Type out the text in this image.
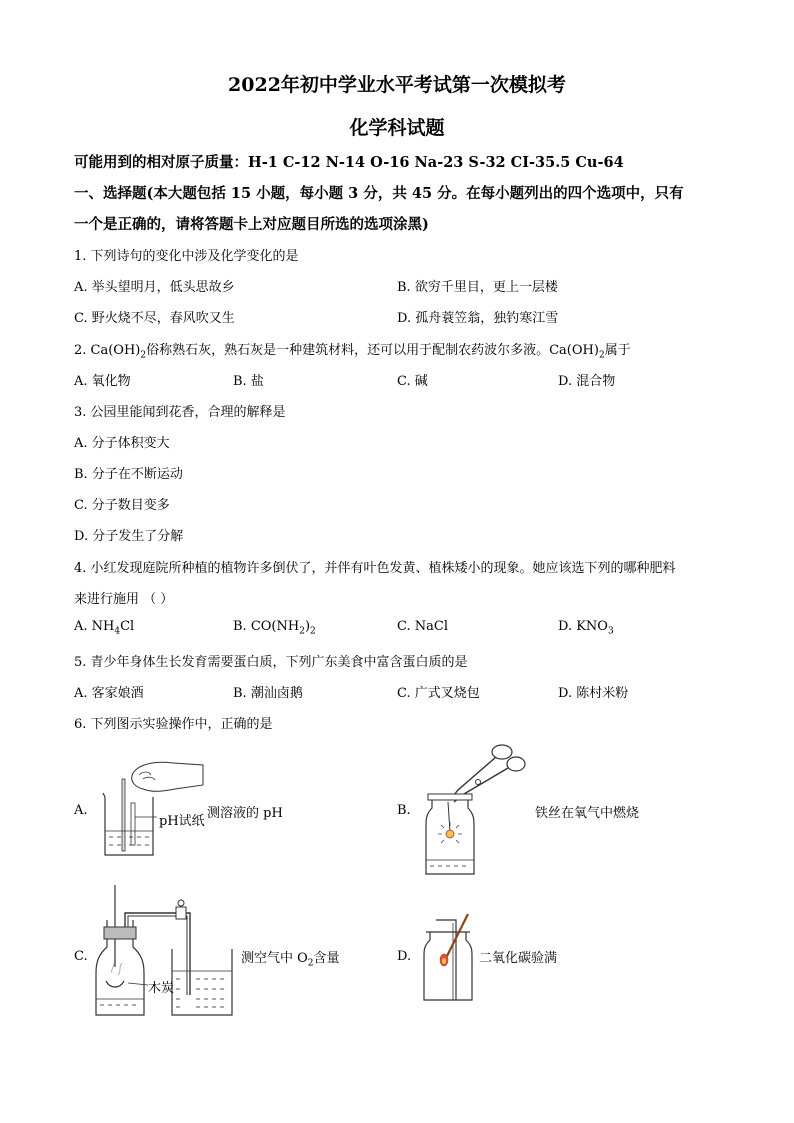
2022年初中学业水平考试第一次模拟考
化学科试题
可能用到的相对原子质量：H-1 C-12 N-14 O-16 Na-23 S-32 CI-35.5 Cu-64
一、选择题(本大题包括 15 小题，每小题 3 分，共 45 分。在每小题列出的四个选项中，只有
一个是正确的，请将答题卡上对应题目所选的选项涂黑)
1. 下列诗句的变化中涉及化学变化的是
A. 举头望明月，低头思故乡	B. 欲穷千里目，更上一层楼
C. 野火烧不尽，春风吹又生	D. 孤舟蓑笠翁，独钓寒江雪
2. $Ca(OH)_2$俗称熟石灰，熟石灰是一种建筑材料，还可以用于配制农药波尔多液。$Ca(OH)_2$属于
A. 氧化物	B. 盐	C. 碱	D. 混合物
3. 公园里能闻到花香，合理的解释是
A. 分子体积变大
B. 分子在不断运动
C. 分子数目变多
D. 分子发生了分解
4. 小红发现庭院所种植的植物许多倒伏了，并伴有叶色发黄、植株矮小的现象。她应该选下列的哪种肥料
来进行施用 （ ）
A. $NH_4Cl$	B. $CO(NH_2)_2$	C. NaCl	D. $KNO_3$
5. 青少年身体生长发育需要蛋白质，下列广东美食中富含蛋白质的是
A. 客家娘酒	B. 潮汕卤鹅	C. 广式叉烧包	D. 陈村米粉
6. 下列图示实验操作中，正确的是
A.
pH试纸
测溶液的 pH	B.	铁丝在氧气中燃烧
C.
木炭
测空气中 $O_2$含量	D.	二氧化碳验满
